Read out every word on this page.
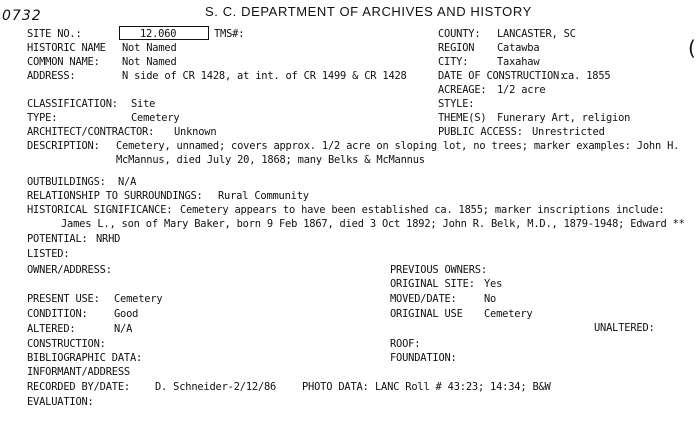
0732	S. C. DEPARTMENT OF ARCHIVES AND HISTORY
(
SITE NO.:	12.060	TMS#:
HISTORIC NAME Not Named
COMMON NAME: Not Named
ADDRESS:	N side of CR 1428, at int. of CR 1499 & CR 1428
COUNTY: LANCASTER, SC
REGION Catawba
CITY:	Taxahaw
DATE OF CONSTRUCTION:
ca. 1855
ACREAGE: 1/2 acre
STYLE:
THEME(S) Funerary Art, religion
PUBLIC ACCESS: Unrestricted
CLASSIFICATION: Site
TYPE:	Cemetery
ARCHITECT/CONTRACTOR: Unknown
DESCRIPTION: Cemetery, unnamed; covers approx. 1/2 acre on sloping lot, no trees; marker examples: John H.
McMannus, died July 20, 1868; many Belks & McMannus
OUTBUILDINGS: N/A
RELATIONSHIP TO SURROUNDINGS: Rural Community
HISTORICAL SIGNIFICANCE: Cemetery appears to have been established ca. 1855; marker inscriptions include:
James L., son of Mary Baker, born 9 Feb 1867, died 3 Oct 1892; John R. Belk, M.D., 1879-1948; Edward **
POTENTIAL: NRHD
LISTED:
OWNER/ADDRESS:	PREVIOUS OWNERS:
ORIGINAL SITE: Yes
PRESENT USE: Cemetery	MOVED/DATE:	No
CONDITION:	Good	ORIGINAL USE Cemetery
UNALTERED:
ALTERED:	N/A
CONSTRUCTION:	ROOF:
BIBLIOGRAPHIC DATA:	FOUNDATION:
INFORMANT/ADDRESS
RECORDED BY/DATE: D. Schneider-2/12/86 PHOTO DATA: LANC Roll # 43:23; 14:34; B&W
EVALUATION:
